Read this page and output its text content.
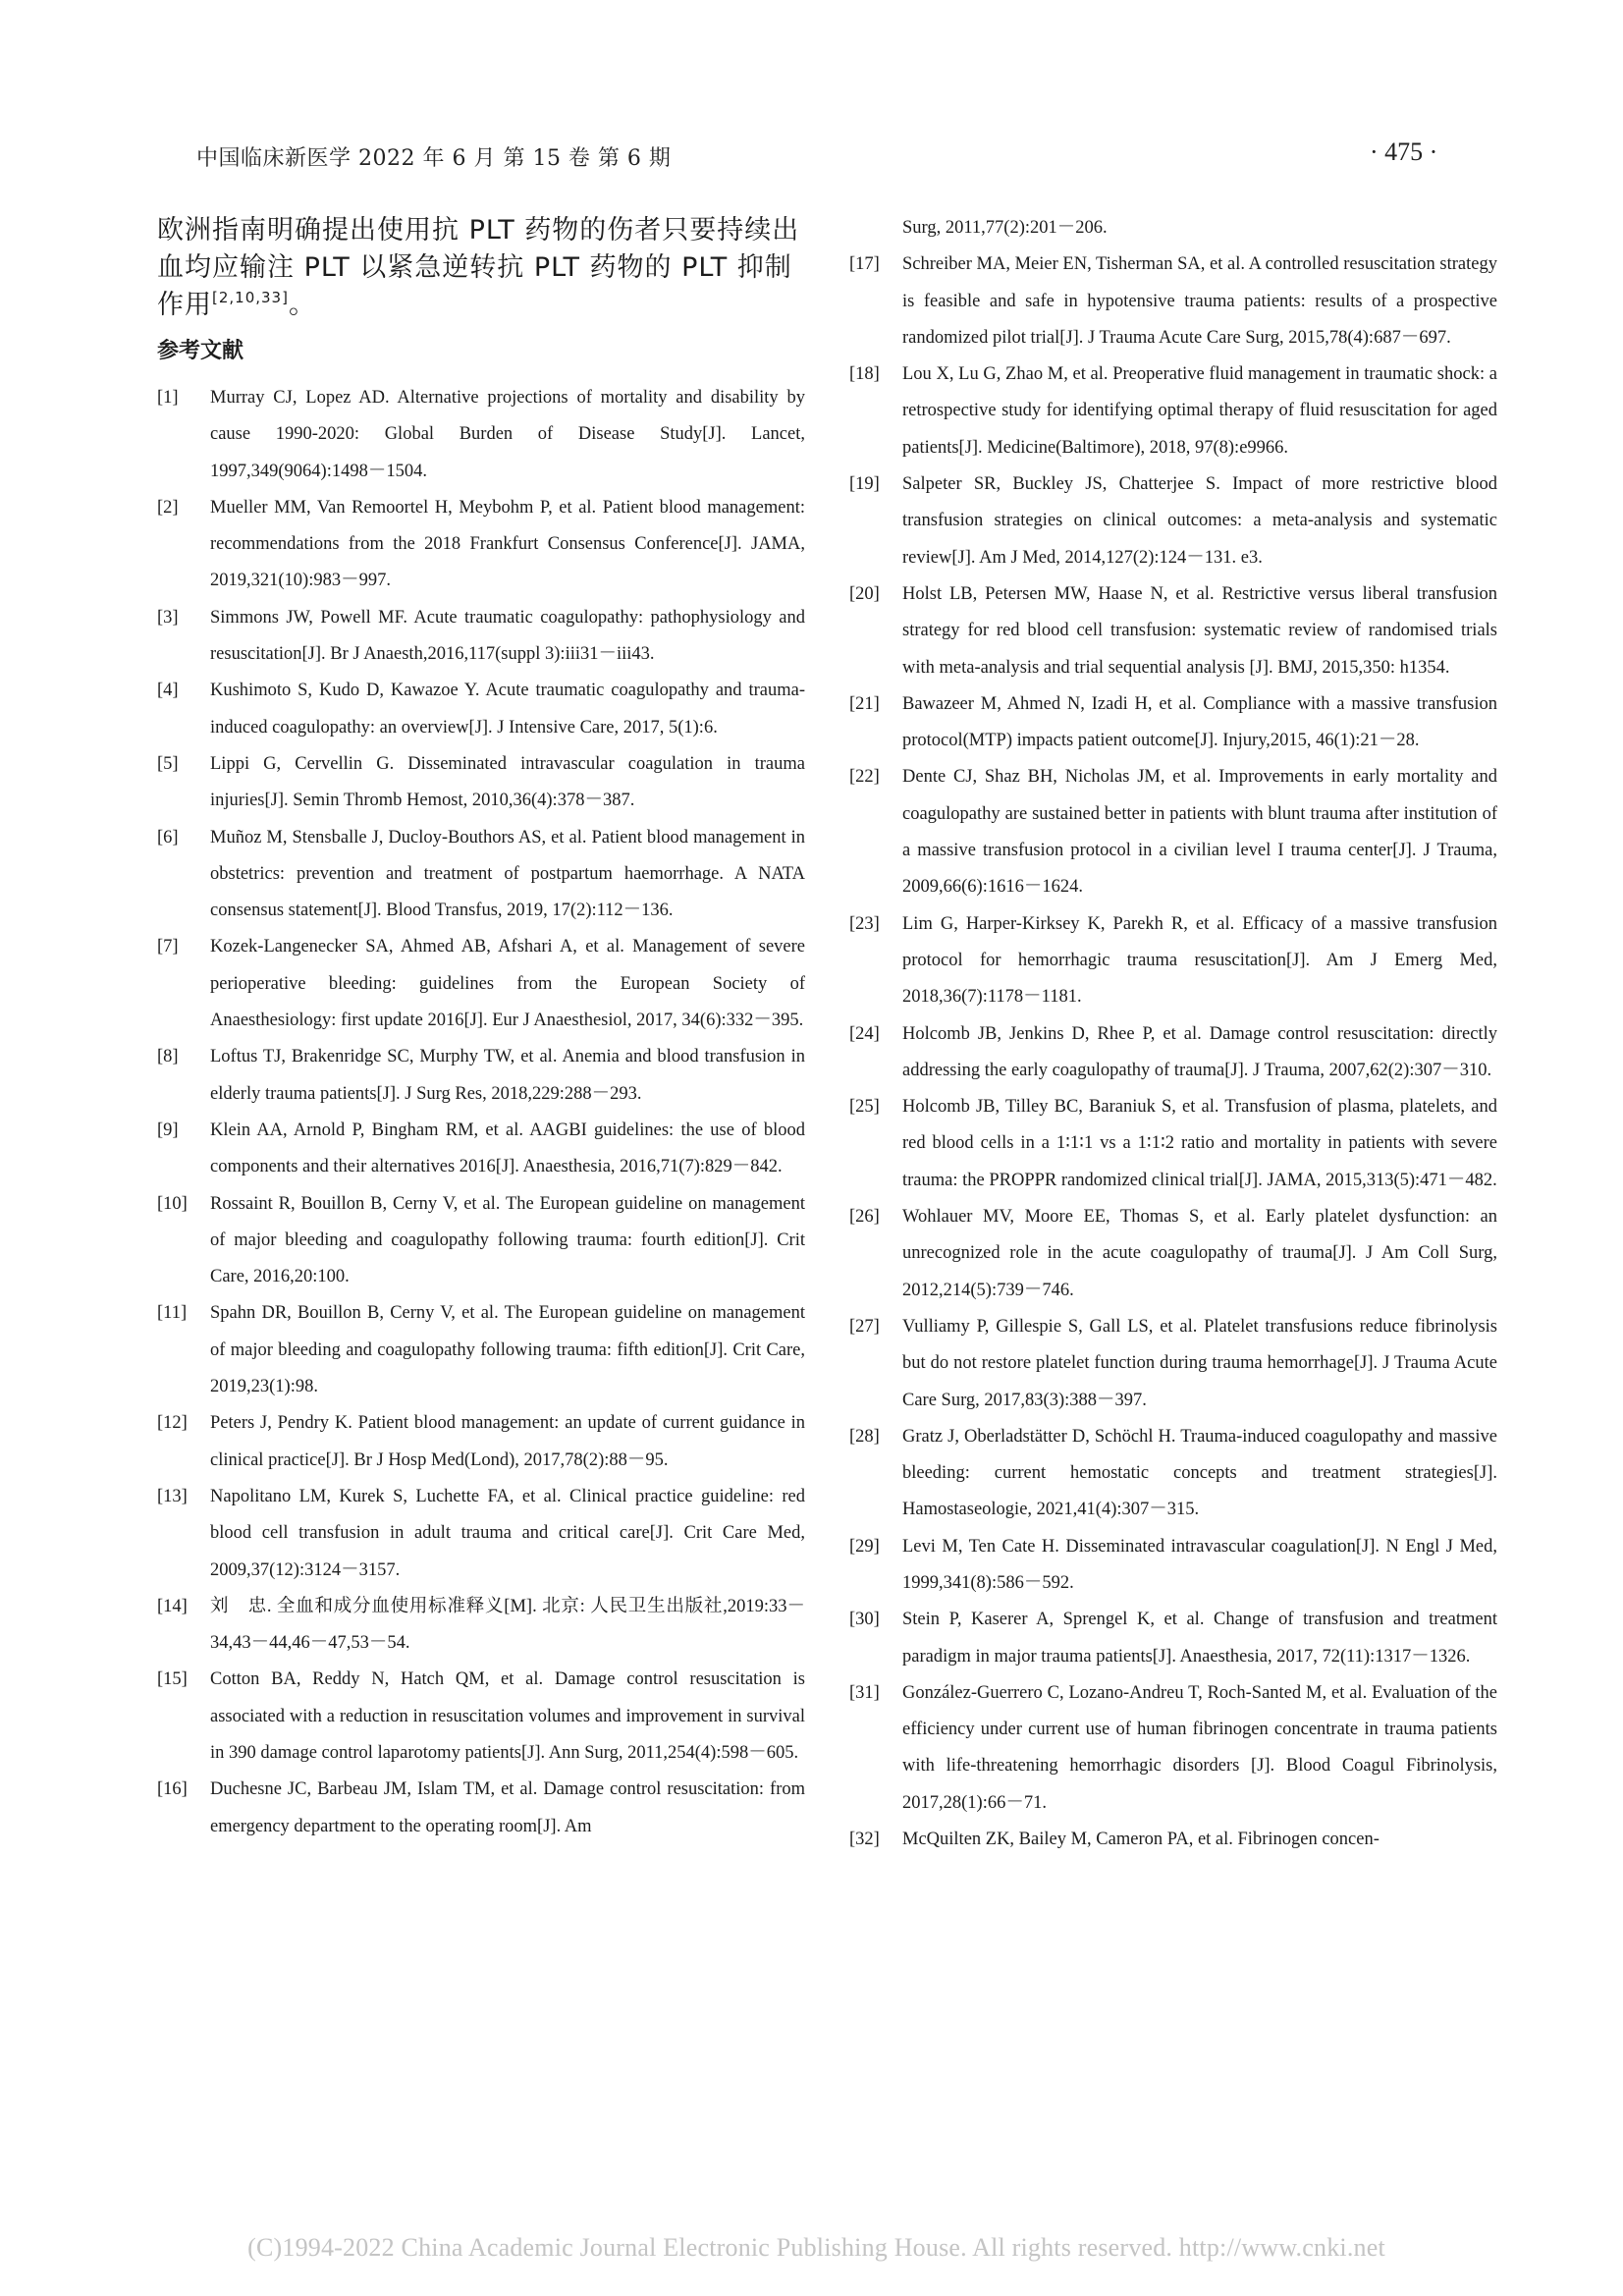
中国临床新医学 2022 年 6 月 第 15 卷 第 6 期	· 475 ·

欧洲指南明确提出使用抗 PLT 药物的伤者只要持续出血均应输注 PLT 以紧急逆转抗 PLT 药物的 PLT 抑制作用[2,10,33]。

参考文献
[1]	Murray CJ, Lopez AD. Alternative projections of mortality and disability by cause 1990-2020: Global Burden of Disease Study[J]. Lancet, 1997,349(9064):1498－1504.
[2]	Mueller MM, Van Remoortel H, Meybohm P, et al. Patient blood management: recommendations from the 2018 Frankfurt Consensus Conference[J]. JAMA, 2019,321(10):983－997.
[3]	Simmons JW, Powell MF. Acute traumatic coagulopathy: pathophysiology and resuscitation[J]. Br J Anaesth,2016,117(suppl 3):iii31－iii43.
[4]	Kushimoto S, Kudo D, Kawazoe Y. Acute traumatic coagulopathy and trauma-induced coagulopathy: an overview[J]. J Intensive Care, 2017, 5(1):6.
[5]	Lippi G, Cervellin G. Disseminated intravascular coagulation in trauma injuries[J]. Semin Thromb Hemost, 2010,36(4):378－387.
[6]	Muñoz M, Stensballe J, Ducloy-Bouthors AS, et al. Patient blood management in obstetrics: prevention and treatment of postpartum haemorrhage. A NATA consensus statement[J]. Blood Transfus, 2019, 17(2):112－136.
[7]	Kozek-Langenecker SA, Ahmed AB, Afshari A, et al. Management of severe perioperative bleeding: guidelines from the European Society of Anaesthesiology: first update 2016[J]. Eur J Anaesthesiol, 2017, 34(6):332－395.
[8]	Loftus TJ, Brakenridge SC, Murphy TW, et al. Anemia and blood transfusion in elderly trauma patients[J]. J Surg Res, 2018,229:288－293.
[9]	Klein AA, Arnold P, Bingham RM, et al. AAGBI guidelines: the use of blood components and their alternatives 2016[J]. Anaesthesia, 2016,71(7):829－842.
[10]	Rossaint R, Bouillon B, Cerny V, et al. The European guideline on management of major bleeding and coagulopathy following trauma: fourth edition[J]. Crit Care, 2016,20:100.
[11]	Spahn DR, Bouillon B, Cerny V, et al. The European guideline on management of major bleeding and coagulopathy following trauma: fifth edition[J]. Crit Care, 2019,23(1):98.
[12]	Peters J, Pendry K. Patient blood management: an update of current guidance in clinical practice[J]. Br J Hosp Med(Lond), 2017,78(2):88－95.
[13]	Napolitano LM, Kurek S, Luchette FA, et al. Clinical practice guideline: red blood cell transfusion in adult trauma and critical care[J]. Crit Care Med, 2009,37(12):3124－3157.
[14]	刘　忠. 全血和成分血使用标准释义[M]. 北京: 人民卫生出版社,2019:33－34,43－44,46－47,53－54.
[15]	Cotton BA, Reddy N, Hatch QM, et al. Damage control resuscitation is associated with a reduction in resuscitation volumes and improvement in survival in 390 damage control laparotomy patients[J]. Ann Surg, 2011,254(4):598－605.
[16]	Duchesne JC, Barbeau JM, Islam TM, et al. Damage control resuscitation: from emergency department to the operating room[J]. Am
Surg, 2011,77(2):201－206.
[17]	Schreiber MA, Meier EN, Tisherman SA, et al. A controlled resuscitation strategy is feasible and safe in hypotensive trauma patients: results of a prospective randomized pilot trial[J]. J Trauma Acute Care Surg, 2015,78(4):687－697.
[18]	Lou X, Lu G, Zhao M, et al. Preoperative fluid management in traumatic shock: a retrospective study for identifying optimal therapy of fluid resuscitation for aged patients[J]. Medicine(Baltimore), 2018, 97(8):e9966.
[19]	Salpeter SR, Buckley JS, Chatterjee S. Impact of more restrictive blood transfusion strategies on clinical outcomes: a meta-analysis and systematic review[J]. Am J Med, 2014,127(2):124－131. e3.
[20]	Holst LB, Petersen MW, Haase N, et al. Restrictive versus liberal transfusion strategy for red blood cell transfusion: systematic review of randomised trials with meta-analysis and trial sequential analysis [J]. BMJ, 2015,350: h1354.
[21]	Bawazeer M, Ahmed N, Izadi H, et al. Compliance with a massive transfusion protocol(MTP) impacts patient outcome[J]. Injury,2015, 46(1):21－28.
[22]	Dente CJ, Shaz BH, Nicholas JM, et al. Improvements in early mortality and coagulopathy are sustained better in patients with blunt trauma after institution of a massive transfusion protocol in a civilian level I trauma center[J]. J Trauma, 2009,66(6):1616－1624.
[23]	Lim G, Harper-Kirksey K, Parekh R, et al. Efficacy of a massive transfusion protocol for hemorrhagic trauma resuscitation[J]. Am J Emerg Med, 2018,36(7):1178－1181.
[24]	Holcomb JB, Jenkins D, Rhee P, et al. Damage control resuscitation: directly addressing the early coagulopathy of trauma[J]. J Trauma, 2007,62(2):307－310.
[25]	Holcomb JB, Tilley BC, Baraniuk S, et al. Transfusion of plasma, platelets, and red blood cells in a 1∶1∶1 vs a 1∶1∶2 ratio and mortality in patients with severe trauma: the PROPPR randomized clinical trial[J]. JAMA, 2015,313(5):471－482.
[26]	Wohlauer MV, Moore EE, Thomas S, et al. Early platelet dysfunction: an unrecognized role in the acute coagulopathy of trauma[J]. J Am Coll Surg, 2012,214(5):739－746.
[27]	Vulliamy P, Gillespie S, Gall LS, et al. Platelet transfusions reduce fibrinolysis but do not restore platelet function during trauma hemorrhage[J]. J Trauma Acute Care Surg, 2017,83(3):388－397.
[28]	Gratz J, Oberladstätter D, Schöchl H. Trauma-induced coagulopathy and massive bleeding: current hemostatic concepts and treatment strategies[J]. Hamostaseologie, 2021,41(4):307－315.
[29]	Levi M, Ten Cate H. Disseminated intravascular coagulation[J]. N Engl J Med, 1999,341(8):586－592.
[30]	Stein P, Kaserer A, Sprengel K, et al. Change of transfusion and treatment paradigm in major trauma patients[J]. Anaesthesia, 2017, 72(11):1317－1326.
[31]	González-Guerrero C, Lozano-Andreu T, Roch-Santed M, et al. Evaluation of the efficiency under current use of human fibrinogen concentrate in trauma patients with life-threatening hemorrhagic disorders [J]. Blood Coagul Fibrinolysis, 2017,28(1):66－71.
[32]	McQuilten ZK, Bailey M, Cameron PA, et al. Fibrinogen concen-
(C)1994-2022 China Academic Journal Electronic Publishing House. All rights reserved. http://www.cnki.net
